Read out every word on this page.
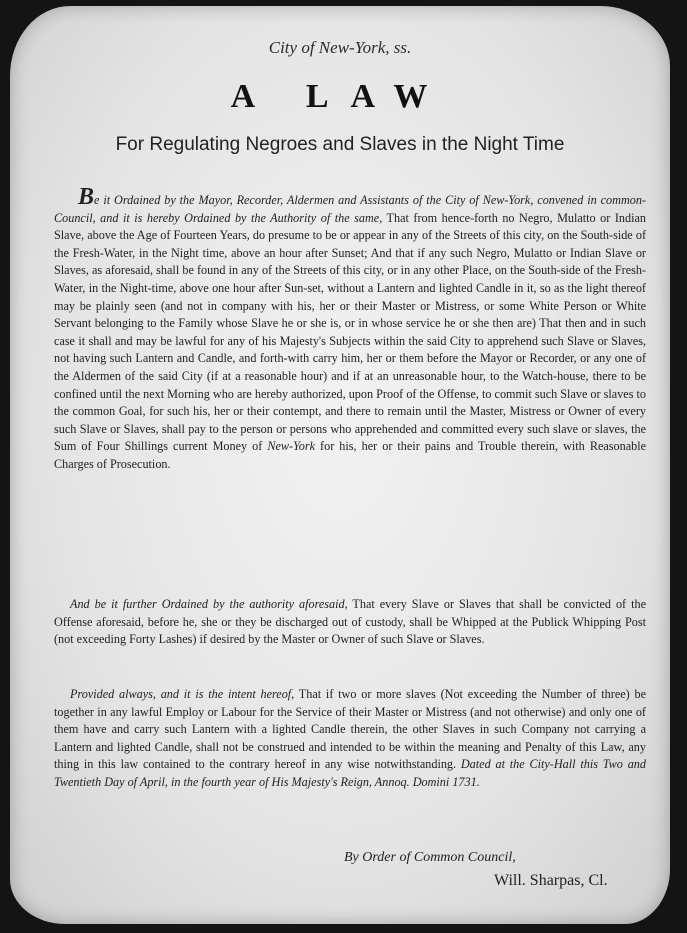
City of New-York, ss.
A LAW
For Regulating Negroes and Slaves in the Night Time

Be it Ordained by the Mayor, Recorder, Aldermen and Assistants of the City of New-York, convened in common-Council, and it is hereby Ordained by the Authority of the same, That from hence-forth no Negro, Mulatto or Indian Slave, above the Age of Fourteen Years, do presume to be or appear in any of the Streets of this city, on the South-side of the Fresh-Water, in the Night time, above an hour after Sunset; And that if any such Negro, Mulatto or Indian Slave or Slaves, as aforesaid, shall be found in any of the Streets of this city, or in any other Place, on the South-side of the Fresh-Water, in the Night-time, above one hour after Sun-set, without a Lantern and lighted Candle in it, so as the light thereof may be plainly seen (and not in company with his, her or their Master or Mistress, or some White Person or White Servant belonging to the Family whose Slave he or she is, or in whose service he or she then are) That then and in such case it shall and may be lawful for any of his Majesty's Subjects within the said City to apprehend such Slave or Slaves, not having such Lantern and Candle, and forth-with carry him, her or them before the Mayor or Recorder, or any one of the Aldermen of the said City (if at a reasonable hour) and if at an unreasonable hour, to the Watch-house, there to be confined until the next Morning who are hereby authorized, upon Proof of the Offense, to commit such Slave or slaves to the common Goal, for such his, her or their contempt, and there to remain until the Master, Mistress or Owner of every such Slave or Slaves, shall pay to the person or persons who apprehended and committed every such slave or slaves, the Sum of Four Shillings current Money of New-York for his, her or their pains and Trouble therein, with Reasonable Charges of Prosecution.

And be it further Ordained by the authority aforesaid, That every Slave or Slaves that shall be convicted of the Offense aforesaid, before he, she or they be discharged out of custody, shall be Whipped at the Publick Whipping Post (not exceeding Forty Lashes) if desired by the Master or Owner of such Slave or Slaves.

Provided always, and it is the intent hereof, That if two or more slaves (Not exceeding the Number of three) be together in any lawful Employ or Labour for the Service of their Master or Mistress (and not otherwise) and only one of them have and carry such Lantern with a lighted Candle therein, the other Slaves in such Company not carrying a Lantern and lighted Candle, shall not be construed and intended to be within the meaning and Penalty of this Law, any thing in this law contained to the contrary hereof in any wise notwithstanding. Dated at the City-Hall this Two and Twentieth Day of April, in the fourth year of His Majesty's Reign, Annoq. Domini 1731.

By Order of Common Council,
Will. Sharpas, Cl.
